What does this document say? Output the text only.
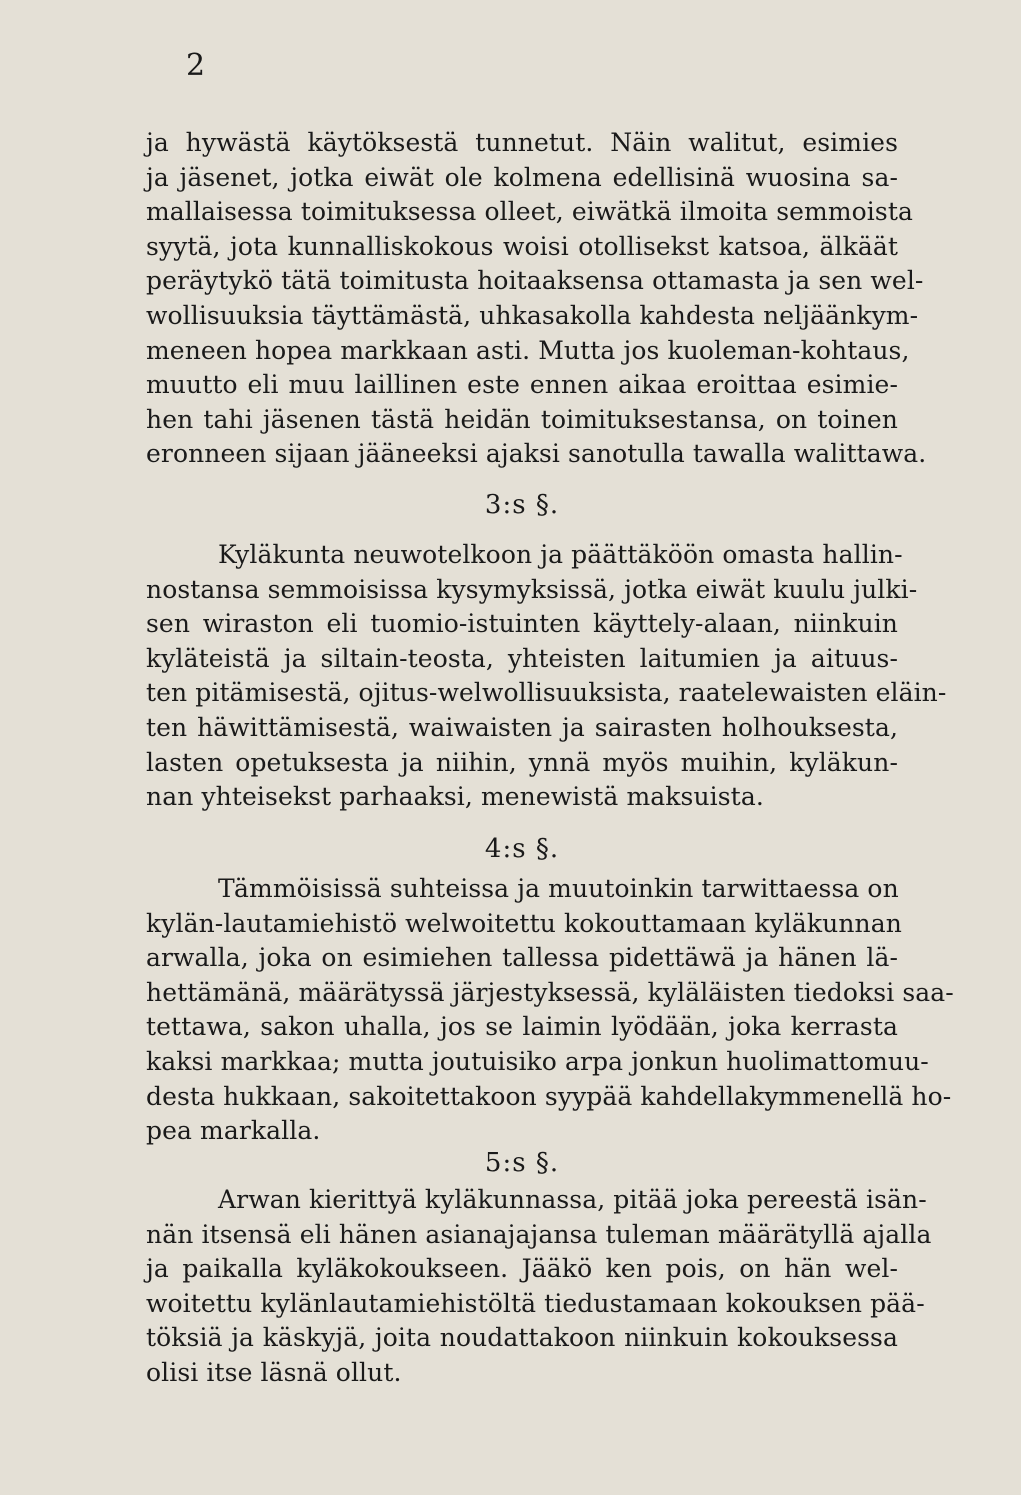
2
ja hywästä käytöksestä tunnetut. Näin walitut, esimies
ja jäsenet, jotka eiwät ole kolmena edellisinä wuosina sa-
mallaisessa toimituksessa olleet, eiwätkä ilmoita semmoista
syytä, jota kunnalliskokous woisi otollisekst katsoa, älkäät
peräytykö tätä toimitusta hoitaaksensa ottamasta ja sen wel-
wollisuuksia täyttämästä, uhkasakolla kahdesta neljäänkym-
meneen hopea markkaan asti. Mutta jos kuoleman-kohtaus,
muutto eli muu laillinen este ennen aikaa eroittaa esimie-
hen tahi jäsenen tästä heidän toimituksestansa, on toinen
eronneen sijaan jääneeksi ajaksi sanotulla tawalla walittawa.
3:s §.
Kyläkunta neuwotelkoon ja päättäköön omasta hallin-
nostansa semmoisissa kysymyksissä, jotka eiwät kuulu julki-
sen wiraston eli tuomio-istuinten käyttely-alaan, niinkuin
kyläteistä ja siltain-teosta, yhteisten laitumien ja aituus-
ten pitämisestä, ojitus-welwollisuuksista, raatelewaisten eläin-
ten häwittämisestä, waiwaisten ja sairasten holhouksesta,
lasten opetuksesta ja niihin, ynnä myös muihin, kyläkun-
nan yhteisekst parhaaksi, menewistä maksuista.
4:s §.
Tämmöisissä suhteissa ja muutoinkin tarwittaessa on
kylän-lautamiehistö welwoitettu kokouttamaan kyläkunnan
arwalla, joka on esimiehen tallessa pidettäwä ja hänen lä-
hettämänä, määrätyssä järjestyksessä, kyläläisten tiedoksi saa-
tettawa, sakon uhalla, jos se laimin lyödään, joka kerrasta
kaksi markkaa; mutta joutuisiko arpa jonkun huolimattomuu-
desta hukkaan, sakoitettakoon syypää kahdellakymmenellä ho-
pea markalla.
5:s §.
Arwan kierittyä kyläkunnassa, pitää joka pereestä isän-
nän itsensä eli hänen asianajajansa tuleman määrätyllä ajalla
ja paikalla kyläkokoukseen. Jääkö ken pois, on hän wel-
woitettu kylänlautamiehistöltä tiedustamaan kokouksen pää-
töksiä ja käskyjä, joita noudattakoon niinkuin kokouksessa
olisi itse läsnä ollut.
